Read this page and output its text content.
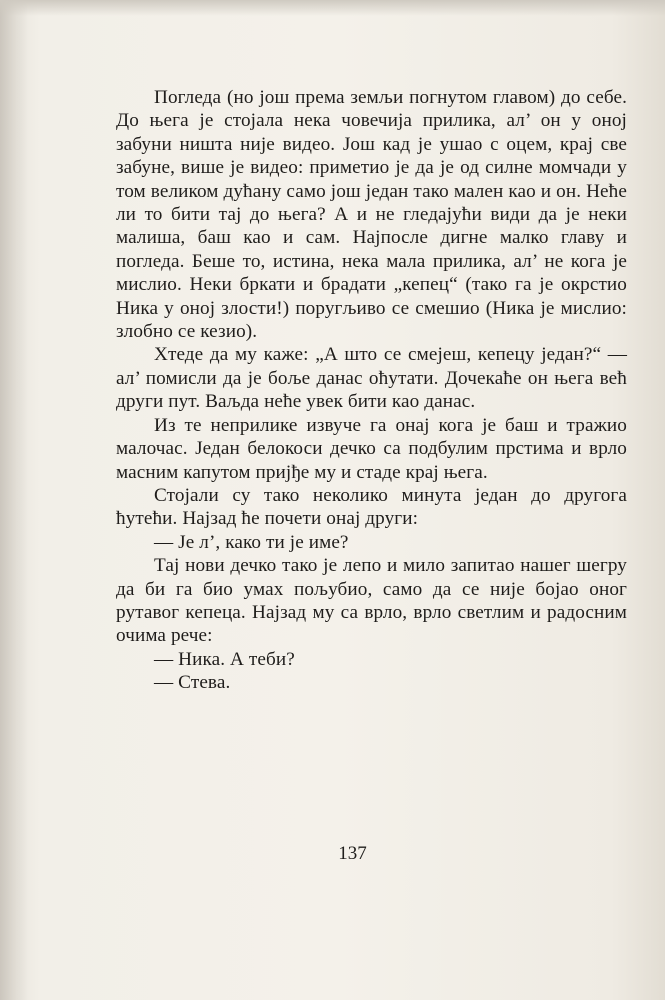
Погледа (но још према земљи погнутом главом) до себе. До њега је стојала нека човечија прилика, ал’ он у оној забуни ништа није видео. Још кад је ушао с оцем, крај све забуне, више је видео: приметио је да је од силне момчади у том великом дућану само још један тако мален као и он. Неће ли то бити тај до њега? А и не гледајући види да је неки малиша, баш као и сам. Најпосле дигне малко главу и погледа. Беше то, истина, нека мала прилика, ал’ не кога је мислио. Неки бркати и брадати „кепец“ (тако га је окрстио Ника у оној злости!) поругљиво се смешио (Ника је мислио: злобно се кезио).

Хтеде да му каже: „А што се смејеш, кепецу један?“ — ал’ помисли да је боље данас оћутати. Дочекаће он њега већ други пут. Ваљда неће увек бити као данас.

Из те неприлике извуче га онај кога је баш и тражио малочас. Један белокоси дечко са подбулим прстима и врло масним капутом пријђе му и стаде крај њега.

Стојали су тако неколико минута један до другога ћутећи. Најзад ће почети онај други:

— Је л’, како ти је име?

Тај нови дечко тако је лепо и мило запитао нашег шегру да би га био умах пољубио, само да се није бојао оног рутавог кепеца. Најзад му са врло, врло светлим и радосним очима рече:

— Ника. А теби?

— Стева.

137
